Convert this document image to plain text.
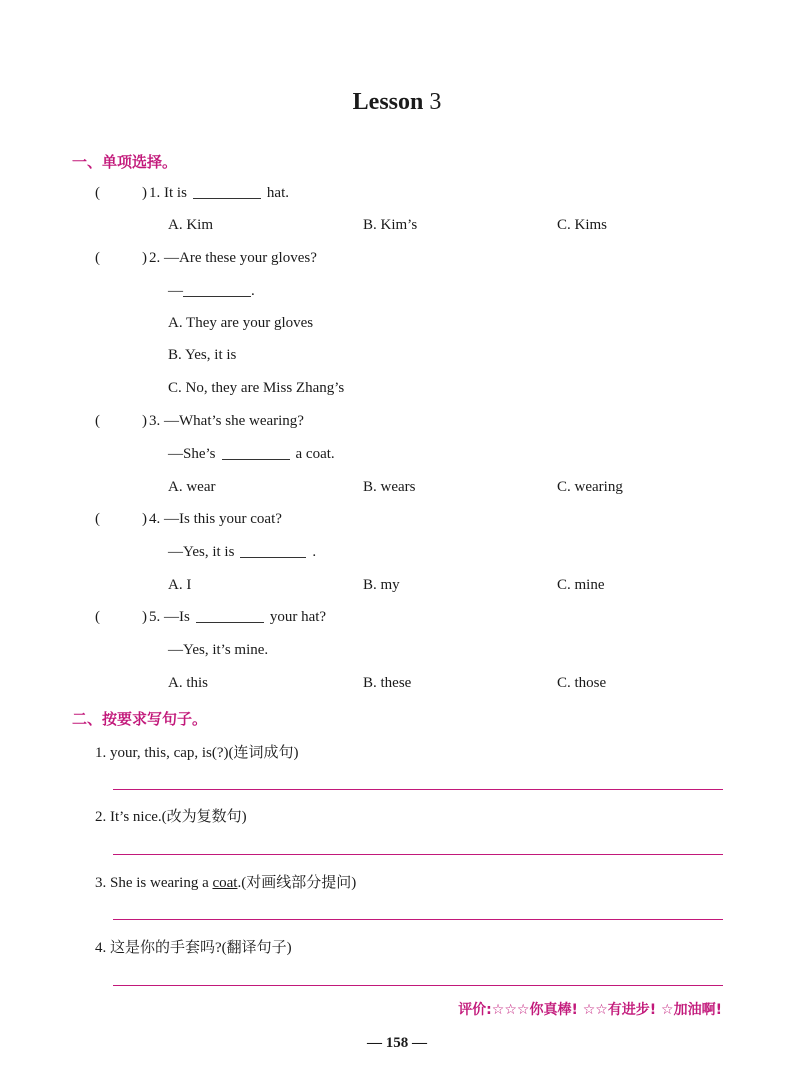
Lesson 3
一、单项选择。
(	) 1. It is	hat.
A. Kim	B. Kim’s	C. Kims
(	) 2. —Are these your gloves?
—	.
A. They are your gloves
B. Yes, it is
C. No, they are Miss Zhang’s
(	) 3. —What’s she wearing?
—She’s	a coat.
A. wear	B. wears	C. wearing
(	) 4. —Is this your coat?
—Yes, it is	.
A. I	B. my	C. mine
(	) 5. —Is	your hat?
—Yes, it’s mine.
A. this	B. these	C. those
二、按要求写句子。
1. your, this, cap, is(?)(连词成句)
2. It’s nice.(改为复数句)
3. She is wearing a coat.(对画线部分提问)
4. 这是你的手套吗?(翻译句子)
评价:☆☆☆你真棒! ☆☆有进步! ☆加油啊!
— 158 —
